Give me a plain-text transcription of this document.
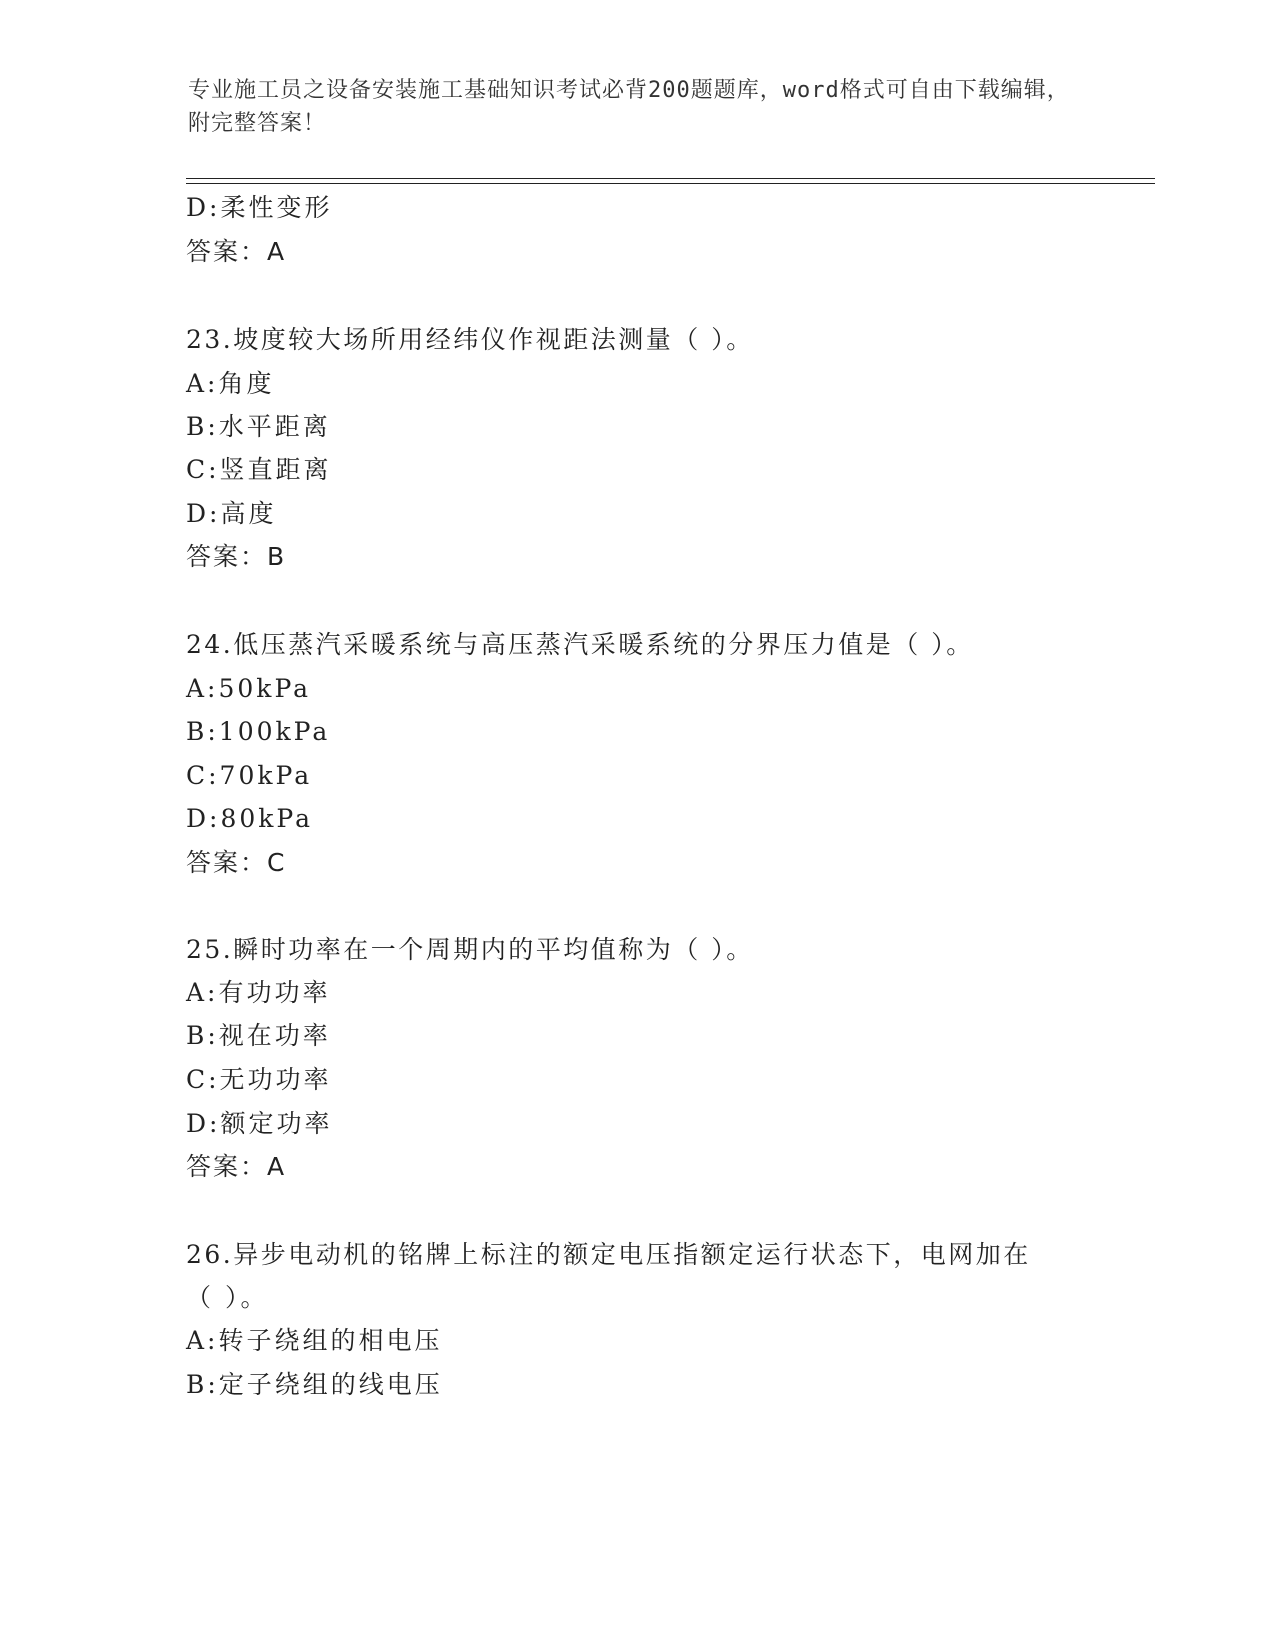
专业施工员之设备安装施工基础知识考试必背200题题库，word格式可自由下载编辑，附完整答案！
D:柔性变形
答案：A
23.坡度较大场所用经纬仪作视距法测量（ ）。
A:角度
B:水平距离
C:竖直距离
D:高度
答案：B
24.低压蒸汽采暖系统与高压蒸汽采暖系统的分界压力值是（ ）。
A:50kPa
B:100kPa
C:70kPa
D:80kPa
答案：C
25.瞬时功率在一个周期内的平均值称为（ ）。
A:有功功率
B:视在功率
C:无功功率
D:额定功率
答案：A
26.异步电动机的铭牌上标注的额定电压指额定运行状态下，电网加在
（ ）。
A:转子绕组的相电压
B:定子绕组的线电压
